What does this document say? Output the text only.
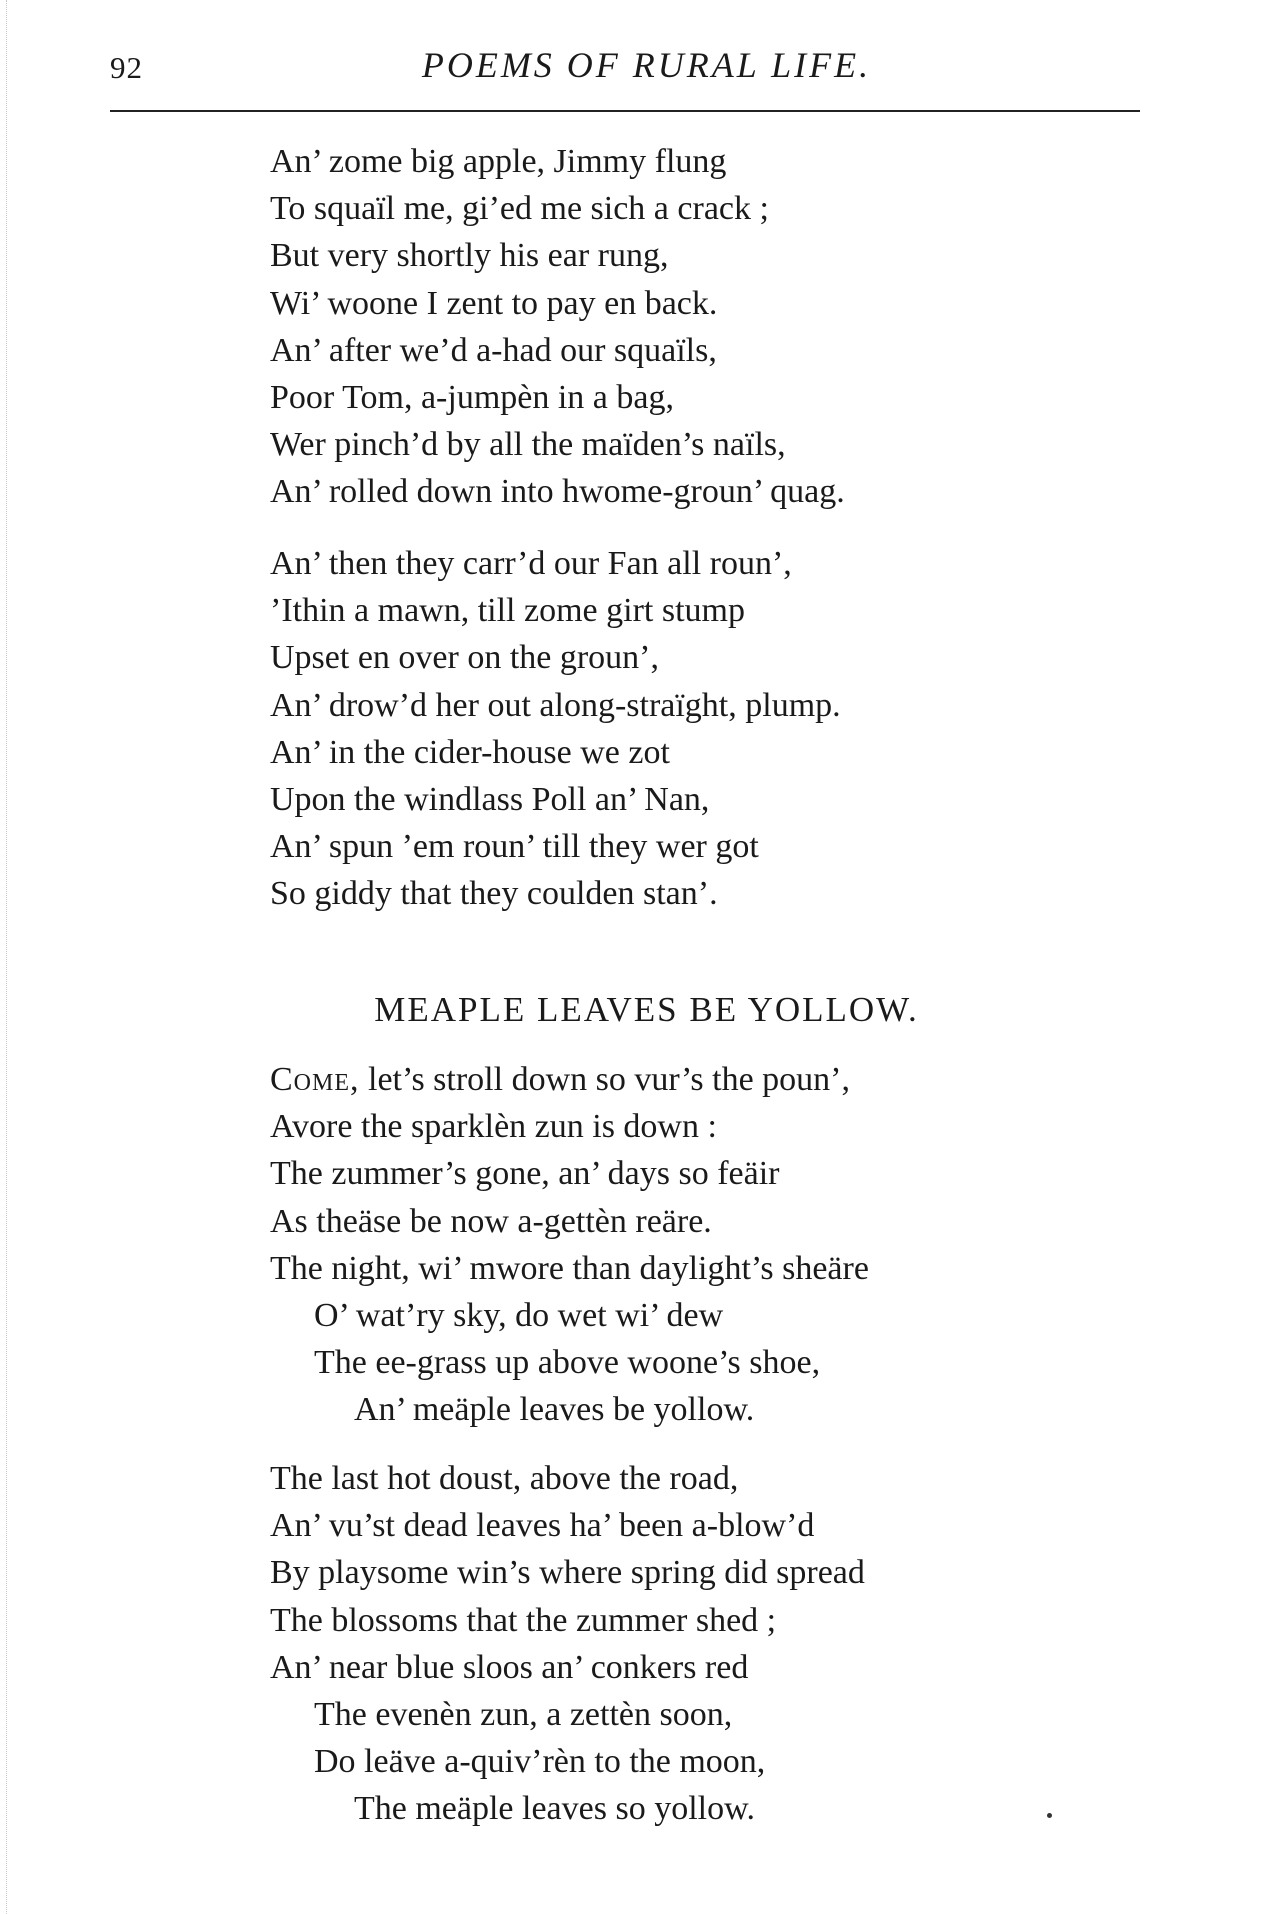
92	POEMS OF RURAL LIFE.
An’ zome big apple, Jimmy flung
To squaïl me, gi’ed me sich a crack ;
But very shortly his ear rung,
Wi’ woone I zent to pay en back.
An’ after we’d a-had our squaïls,
Poor Tom, a-jumpèn in a bag,
Wer pinch’d by all the maïden’s naïls,
An’ rolled down into hwome-groun’ quag.
An’ then they carr’d our Fan all roun’,
’Ithin a mawn, till zome girt stump
Upset en over on the groun’,
An’ drow’d her out along-straïght, plump.
An’ in the cider-house we zot
Upon the windlass Poll an’ Nan,
An’ spun ’em roun’ till they wer got
So giddy that they coulden stan’.
MEAPLE LEAVES BE YOLLOW.
Come, let’s stroll down so vur’s the poun’,
Avore the sparklèn zun is down :
The zummer’s gone, an’ days so feäir
As theäse be now a-gettèn reäre.
The night, wi’ mwore than daylight’s sheäre
O’ wat’ry sky, do wet wi’ dew
The ee-grass up above woone’s shoe,
An’ meäple leaves be yollow.
The last hot doust, above the road,
An’ vu’st dead leaves ha’ been a-blow’d
By playsome win’s where spring did spread
The blossoms that the zummer shed ;
An’ near blue sloos an’ conkers red
The evenèn zun, a zettèn soon,
Do leäve a-quiv’rèn to the moon,
The meäple leaves so yollow.
